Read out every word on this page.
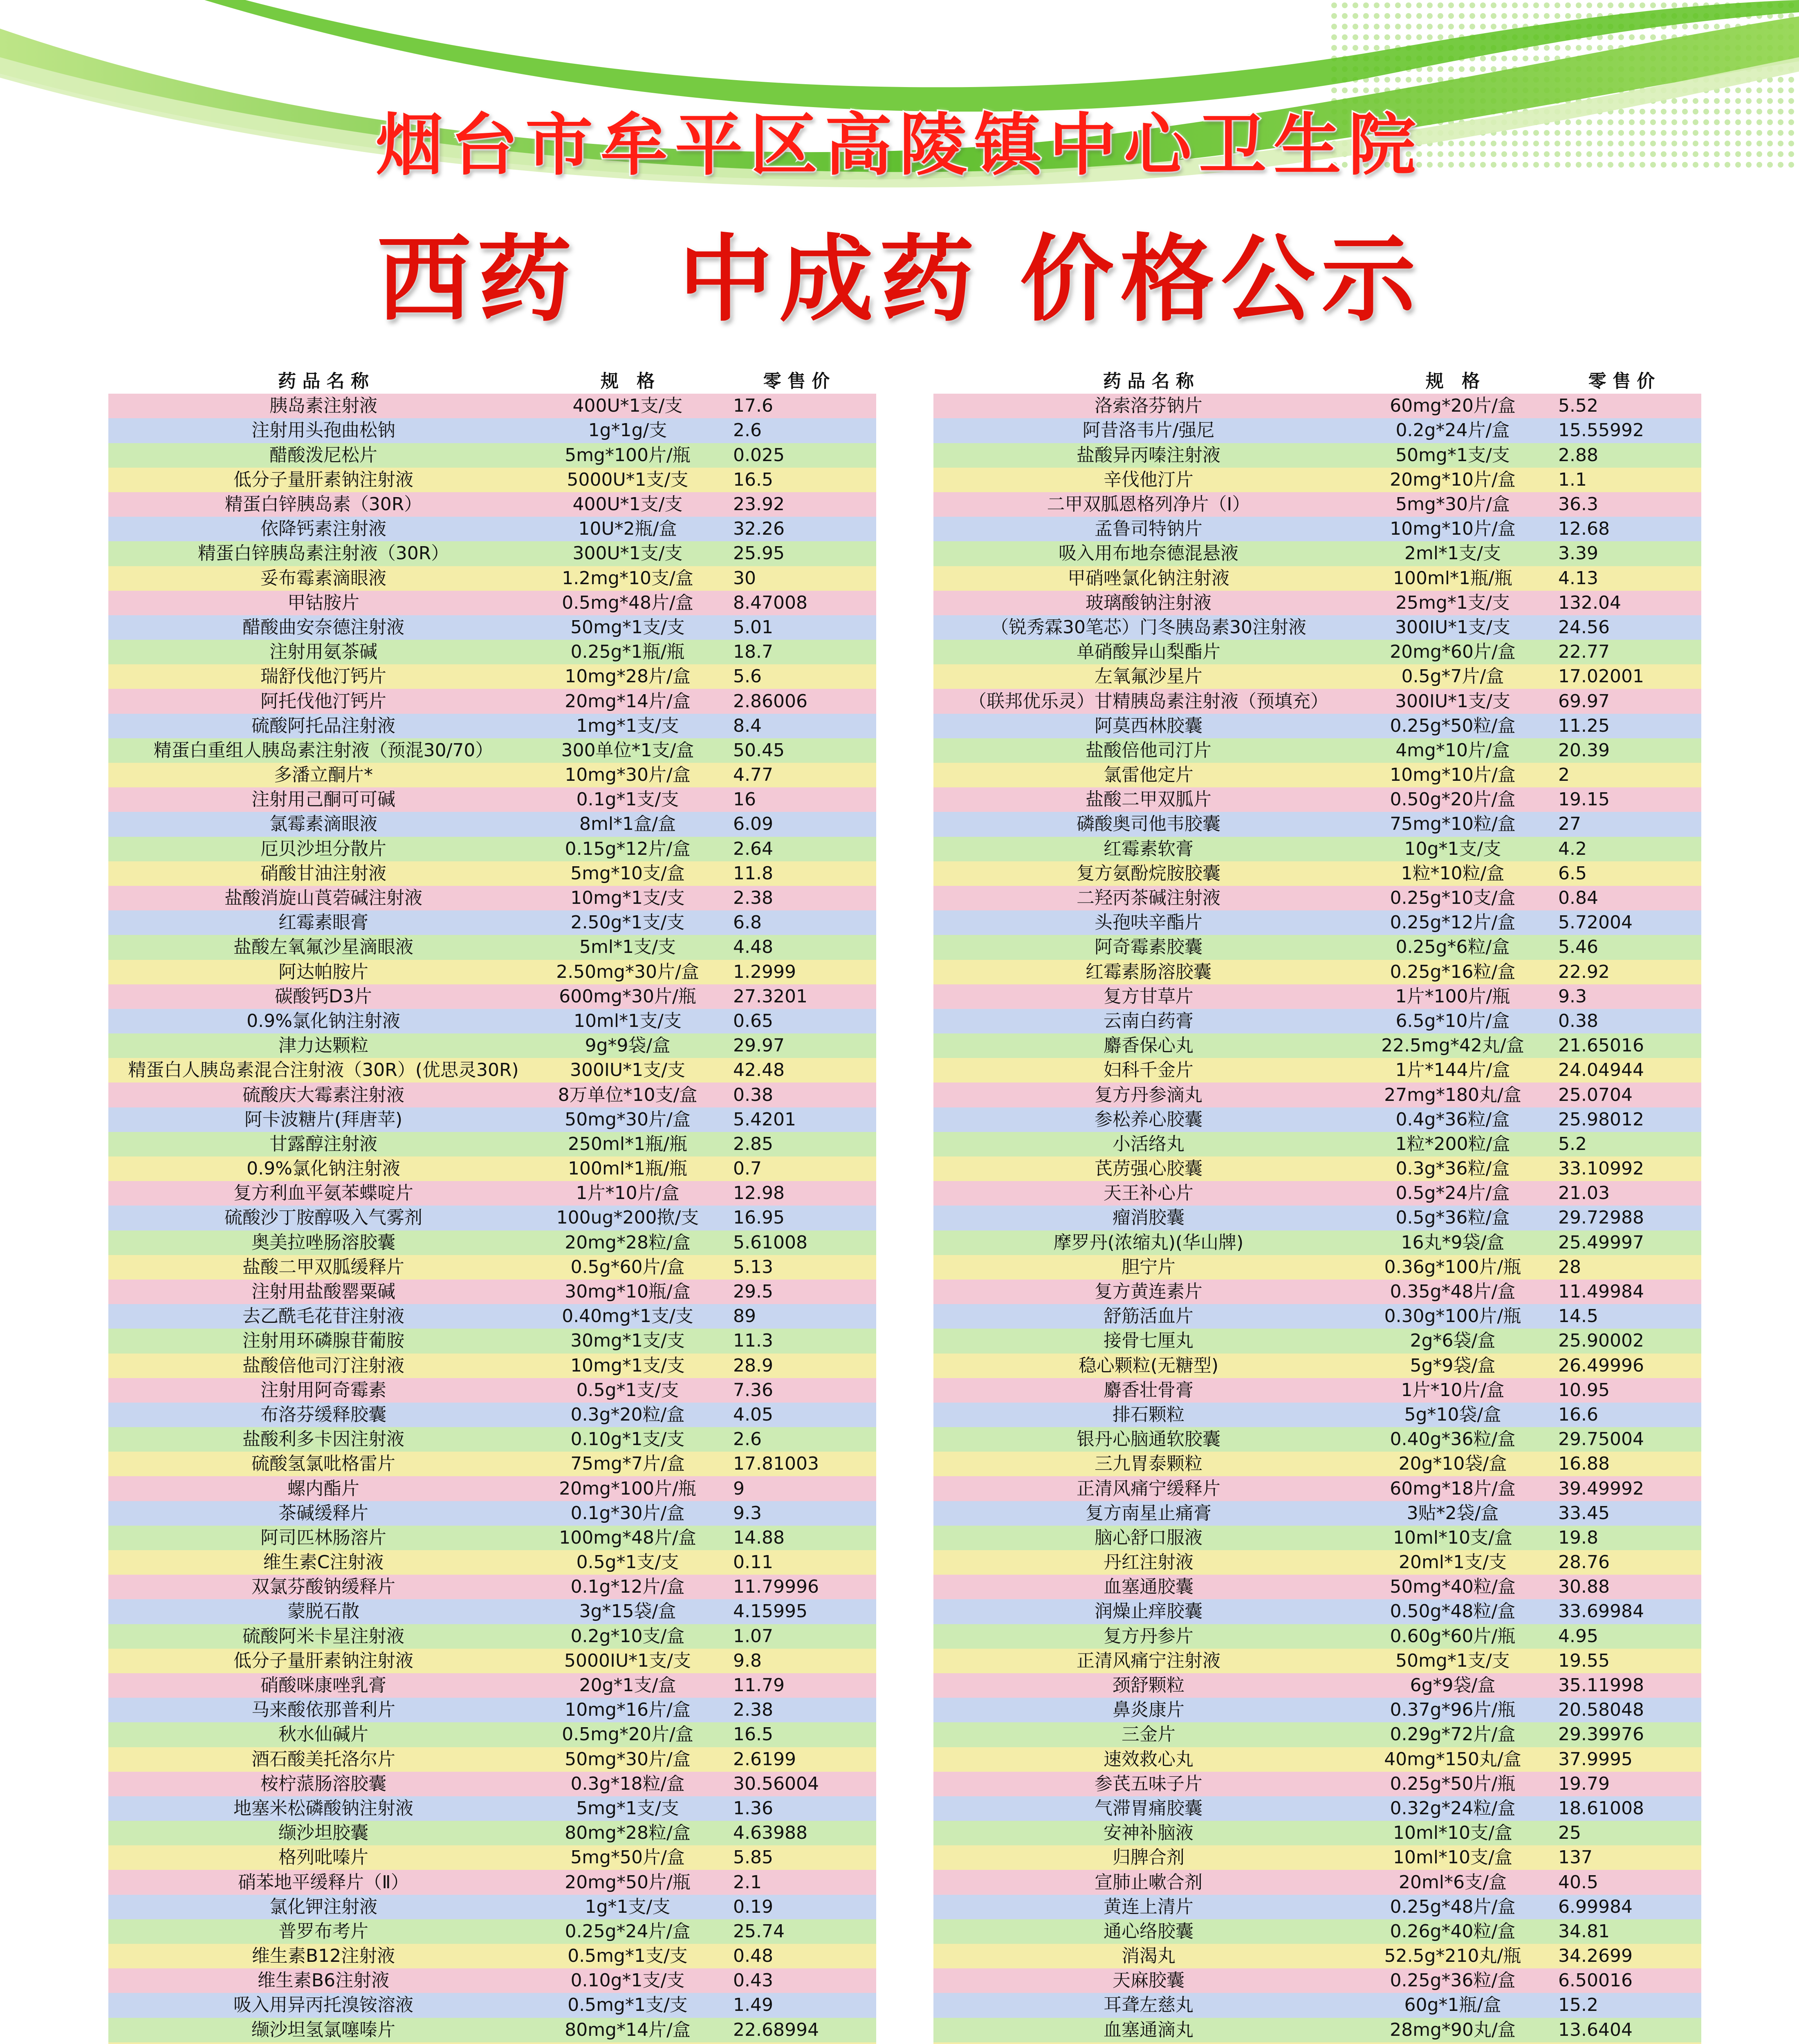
烟台市牟平区高陵镇中心卫生院
西药　中成药 价格公示
药 品 名 称	规　格	零 售 价
胰岛素注射液	400U*1支/支	17.6
注射用头孢曲松钠	1g*1g/支	2.6
醋酸泼尼松片	5mg*100片/瓶	0.025
低分子量肝素钠注射液	5000U*1支/支	16.5
精蛋白锌胰岛素（30R）	400U*1支/支	23.92
依降钙素注射液	10U*2瓶/盒	32.26
精蛋白锌胰岛素注射液（30R）	300U*1支/支	25.95
妥布霉素滴眼液	1.2mg*10支/盒	30
甲钴胺片	0.5mg*48片/盒	8.47008
醋酸曲安奈德注射液	50mg*1支/支	5.01
注射用氨茶碱	0.25g*1瓶/瓶	18.7
瑞舒伐他汀钙片	10mg*28片/盒	5.6
阿托伐他汀钙片	20mg*14片/盒	2.86006
硫酸阿托品注射液	1mg*1支/支	8.4
精蛋白重组人胰岛素注射液（预混30/70）	300单位*1支/盒	50.45
多潘立酮片*	10mg*30片/盒	4.77
注射用己酮可可碱	0.1g*1支/支	16
氯霉素滴眼液	8ml*1盒/盒	6.09
厄贝沙坦分散片	0.15g*12片/盒	2.64
硝酸甘油注射液	5mg*10支/盒	11.8
盐酸消旋山莨菪碱注射液	10mg*1支/支	2.38
红霉素眼膏	2.50g*1支/支	6.8
盐酸左氧氟沙星滴眼液	5ml*1支/支	4.48
阿达帕胺片	2.50mg*30片/盒	1.2999
碳酸钙D3片	600mg*30片/瓶	27.3201
0.9%氯化钠注射液	10ml*1支/支	0.65
津力达颗粒	9g*9袋/盒	29.97
精蛋白人胰岛素混合注射液（30R）(优思灵30R)	300IU*1支/支	42.48
硫酸庆大霉素注射液	8万单位*10支/盒	0.38
阿卡波糖片(拜唐苹)	50mg*30片/盒	5.4201
甘露醇注射液	250ml*1瓶/瓶	2.85
0.9%氯化钠注射液	100ml*1瓶/瓶	0.7
复方利血平氨苯蝶啶片	1片*10片/盒	12.98
硫酸沙丁胺醇吸入气雾剂	100ug*200揿/支	16.95
奥美拉唑肠溶胶囊	20mg*28粒/盒	5.61008
盐酸二甲双胍缓释片	0.5g*60片/盒	5.13
注射用盐酸罂粟碱	30mg*10瓶/盒	29.5
去乙酰毛花苷注射液	0.40mg*1支/支	89
注射用环磷腺苷葡胺	30mg*1支/支	11.3
盐酸倍他司汀注射液	10mg*1支/支	28.9
注射用阿奇霉素	0.5g*1支/支	7.36
布洛芬缓释胶囊	0.3g*20粒/盒	4.05
盐酸利多卡因注射液	0.10g*1支/支	2.6
硫酸氢氯吡格雷片	75mg*7片/盒	17.81003
螺内酯片	20mg*100片/瓶	9
茶碱缓释片	0.1g*30片/盒	9.3
阿司匹林肠溶片	100mg*48片/盒	14.88
维生素C注射液	0.5g*1支/支	0.11
双氯芬酸钠缓释片	0.1g*12片/盒	11.79996
蒙脱石散	3g*15袋/盒	4.15995
硫酸阿米卡星注射液	0.2g*10支/盒	1.07
低分子量肝素钠注射液	5000IU*1支/支	9.8
硝酸咪康唑乳膏	20g*1支/盒	11.79
马来酸依那普利片	10mg*16片/盒	2.38
秋水仙碱片	0.5mg*20片/盒	16.5
酒石酸美托洛尔片	50mg*30片/盒	2.6199
桉柠蒎肠溶胶囊	0.3g*18粒/盒	30.56004
地塞米松磷酸钠注射液	5mg*1支/支	1.36
缬沙坦胶囊	80mg*28粒/盒	4.63988
格列吡嗪片	5mg*50片/盒	5.85
硝苯地平缓释片（Ⅱ）	20mg*50片/瓶	2.1
氯化钾注射液	1g*1支/支	0.19
普罗布考片	0.25g*24片/盒	25.74
维生素B12注射液	0.5mg*1支/支	0.48
维生素B6注射液	0.10g*1支/支	0.43
吸入用异丙托溴铵溶液	0.5mg*1支/支	1.49
缬沙坦氢氯噻嗪片	80mg*14片/盒	22.68994
药 品 名 称	规　格	零 售 价
洛索洛芬钠片	60mg*20片/盒	5.52
阿昔洛韦片/强尼	0.2g*24片/盒	15.55992
盐酸异丙嗪注射液	50mg*1支/支	2.88
辛伐他汀片	20mg*10片/盒	1.1
二甲双胍恩格列净片（Ⅰ）	5mg*30片/盒	36.3
孟鲁司特钠片	10mg*10片/盒	12.68
吸入用布地奈德混悬液	2ml*1支/支	3.39
甲硝唑氯化钠注射液	100ml*1瓶/瓶	4.13
玻璃酸钠注射液	25mg*1支/支	132.04
（锐秀霖30笔芯）门冬胰岛素30注射液	300IU*1支/支	24.56
单硝酸异山梨酯片	20mg*60片/盒	22.77
左氧氟沙星片	0.5g*7片/盒	17.02001
（联邦优乐灵）甘精胰岛素注射液（预填充）	300IU*1支/支	69.97
阿莫西林胶囊	0.25g*50粒/盒	11.25
盐酸倍他司汀片	4mg*10片/盒	20.39
氯雷他定片	10mg*10片/盒	2
盐酸二甲双胍片	0.50g*20片/盒	19.15
磷酸奥司他韦胶囊	75mg*10粒/盒	27
红霉素软膏	10g*1支/支	4.2
复方氨酚烷胺胶囊	1粒*10粒/盒	6.5
二羟丙茶碱注射液	0.25g*10支/盒	0.84
头孢呋辛酯片	0.25g*12片/盒	5.72004
阿奇霉素胶囊	0.25g*6粒/盒	5.46
红霉素肠溶胶囊	0.25g*16粒/盒	22.92
复方甘草片	1片*100片/瓶	9.3
云南白药膏	6.5g*10片/盒	0.38
麝香保心丸	22.5mg*42丸/盒	21.65016
妇科千金片	1片*144片/盒	24.04944
复方丹参滴丸	27mg*180丸/盒	25.0704
参松养心胶囊	0.4g*36粒/盒	25.98012
小活络丸	1粒*200粒/盒	5.2
芪苈强心胶囊	0.3g*36粒/盒	33.10992
天王补心片	0.5g*24片/盒	21.03
瘤消胶囊	0.5g*36粒/盒	29.72988
摩罗丹(浓缩丸)(华山牌)	16丸*9袋/盒	25.49997
胆宁片	0.36g*100片/瓶	28
复方黄连素片	0.35g*48片/盒	11.49984
舒筋活血片	0.30g*100片/瓶	14.5
接骨七厘丸	2g*6袋/盒	25.90002
稳心颗粒(无糖型)	5g*9袋/盒	26.49996
麝香壮骨膏	1片*10片/盒	10.95
排石颗粒	5g*10袋/盒	16.6
银丹心脑通软胶囊	0.40g*36粒/盒	29.75004
三九胃泰颗粒	20g*10袋/盒	16.88
正清风痛宁缓释片	60mg*18片/盒	39.49992
复方南星止痛膏	3贴*2袋/盒	33.45
脑心舒口服液	10ml*10支/盒	19.8
丹红注射液	20ml*1支/支	28.76
血塞通胶囊	50mg*40粒/盒	30.88
润燥止痒胶囊	0.50g*48粒/盒	33.69984
复方丹参片	0.60g*60片/瓶	4.95
正清风痛宁注射液	50mg*1支/支	19.55
颈舒颗粒	6g*9袋/盒	35.11998
鼻炎康片	0.37g*96片/瓶	20.58048
三金片	0.29g*72片/盒	29.39976
速效救心丸	40mg*150丸/盒	37.9995
参芪五味子片	0.25g*50片/瓶	19.79
气滞胃痛胶囊	0.32g*24粒/盒	18.61008
安神补脑液	10ml*10支/盒	25
归脾合剂	10ml*10支/盒	137
宣肺止嗽合剂	20ml*6支/盒	40.5
黄连上清片	0.25g*48片/盒	6.99984
通心络胶囊	0.26g*40粒/盒	34.81
消渴丸	52.5g*210丸/瓶	34.2699
天麻胶囊	0.25g*36粒/盒	6.50016
耳聋左慈丸	60g*1瓶/盒	15.2
血塞通滴丸	28mg*90丸/盒	13.6404
